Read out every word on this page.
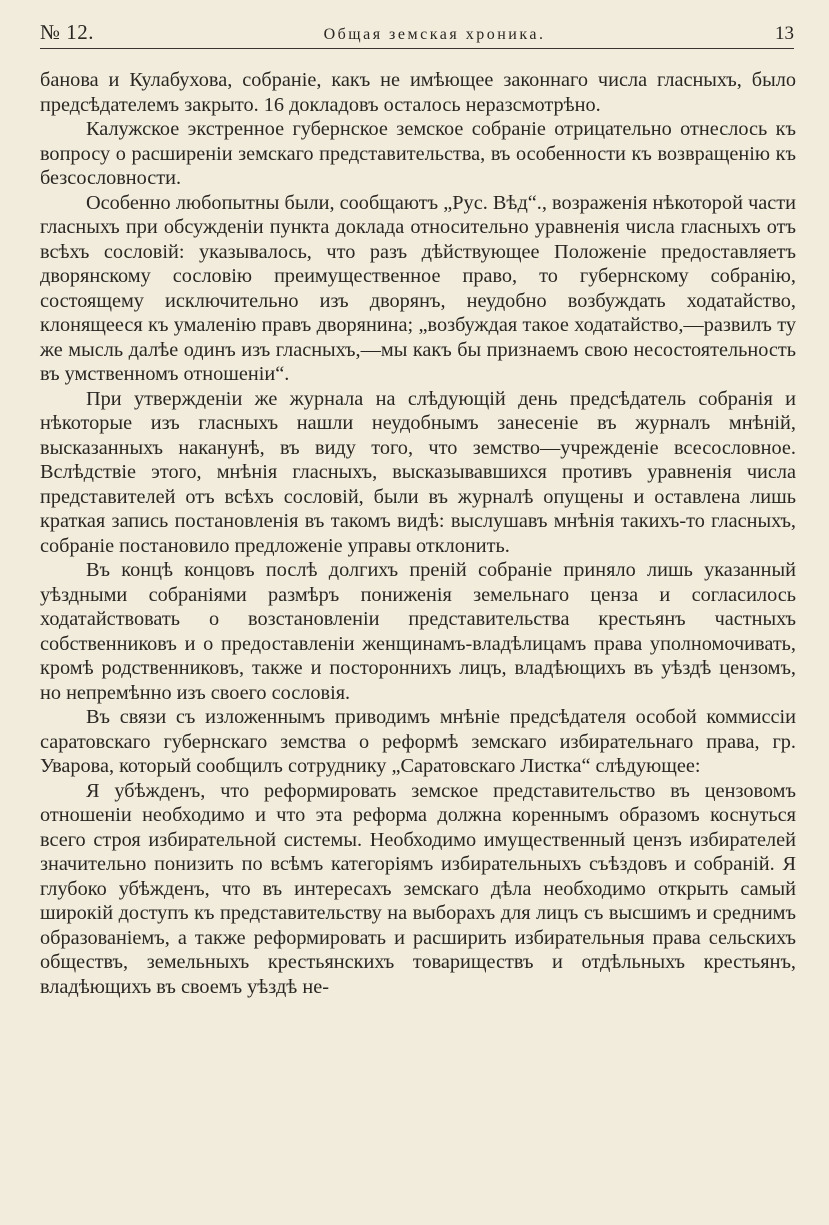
№ 12.	Общая земская хроника.	13

банова и Кулабухова, собраніе, какъ не имѣющее законнаго числа гласныхъ, было предсѣдателемъ закрыто. 16 докладовъ осталось неразсмотрѣно.

Калужское экстренное губернское земское собраніе отрицательно отнеслось къ вопросу о расширеніи земскаго представительства, въ особенности къ возвращенію къ безсословности.

Особенно любопытны были, сообщаютъ „Рус. Вѣд“., возраженія нѣкоторой части гласныхъ при обсужденіи пункта доклада относительно уравненія числа гласныхъ отъ всѣхъ сословій: указывалось, что разъ дѣйствующее Положеніе предоставляетъ дворянскому сословію преимущественное право, то губернскому собранію, состоящему исключительно изъ дворянъ, неудобно возбуждать ходатайство, клонящееся къ умаленію правъ дворянина; „возбуждая такое ходатайство,—развилъ ту же мысль далѣе одинъ изъ гласныхъ,—мы какъ бы признаемъ свою несостоятельность въ умственномъ отношеніи“.

При утвержденіи же журнала на слѣдующій день предсѣдатель собранія и нѣкоторые изъ гласныхъ нашли неудобнымъ занесеніе въ журналъ мнѣній, высказанныхъ наканунѣ, въ виду того, что земство—учрежденіе всесословное. Вслѣдствіе этого, мнѣнія гласныхъ, высказывавшихся противъ уравненія числа представителей отъ всѣхъ сословій, были въ журналѣ опущены и оставлена лишь краткая запись постановленія въ такомъ видѣ: выслушавъ мнѣнія такихъ-то гласныхъ, собраніе постановило предложеніе управы отклонить.

Въ концѣ концовъ послѣ долгихъ преній собраніе приняло лишь указанный уѣздными собраніями размѣръ пониженія земельнаго ценза и согласилось ходатайствовать о возстановленіи представительства крестьянъ частныхъ собственниковъ и о предоставленіи женщинамъ-владѣлицамъ права уполномочивать, кромѣ родственниковъ, также и постороннихъ лицъ, владѣющихъ въ уѣздѣ цензомъ, но непремѣнно изъ своего сословія.

Въ связи съ изложеннымъ приводимъ мнѣніе предсѣдателя особой коммиссіи саратовскаго губернскаго земства о реформѣ земскаго избирательнаго права, гр. Уварова, который сообщилъ сотруднику „Саратовскаго Листка“ слѣдующее:

Я убѣжденъ, что реформировать земское представительство въ цензовомъ отношеніи необходимо и что эта реформа должна кореннымъ образомъ коснуться всего строя избирательной системы. Необходимо имущественный цензъ избирателей значительно понизить по всѣмъ категоріямъ избирательныхъ съѣздовъ и собраній. Я глубоко убѣжденъ, что въ интересахъ земскаго дѣла необходимо открыть самый широкій доступъ къ представительству на выборахъ для лицъ съ высшимъ и среднимъ образованіемъ, а также реформировать и расширить избирательныя права сельскихъ обществъ, земельныхъ крестьянскихъ товариществъ и отдѣльныхъ крестьянъ, владѣющихъ въ своемъ уѣздѣ не-
